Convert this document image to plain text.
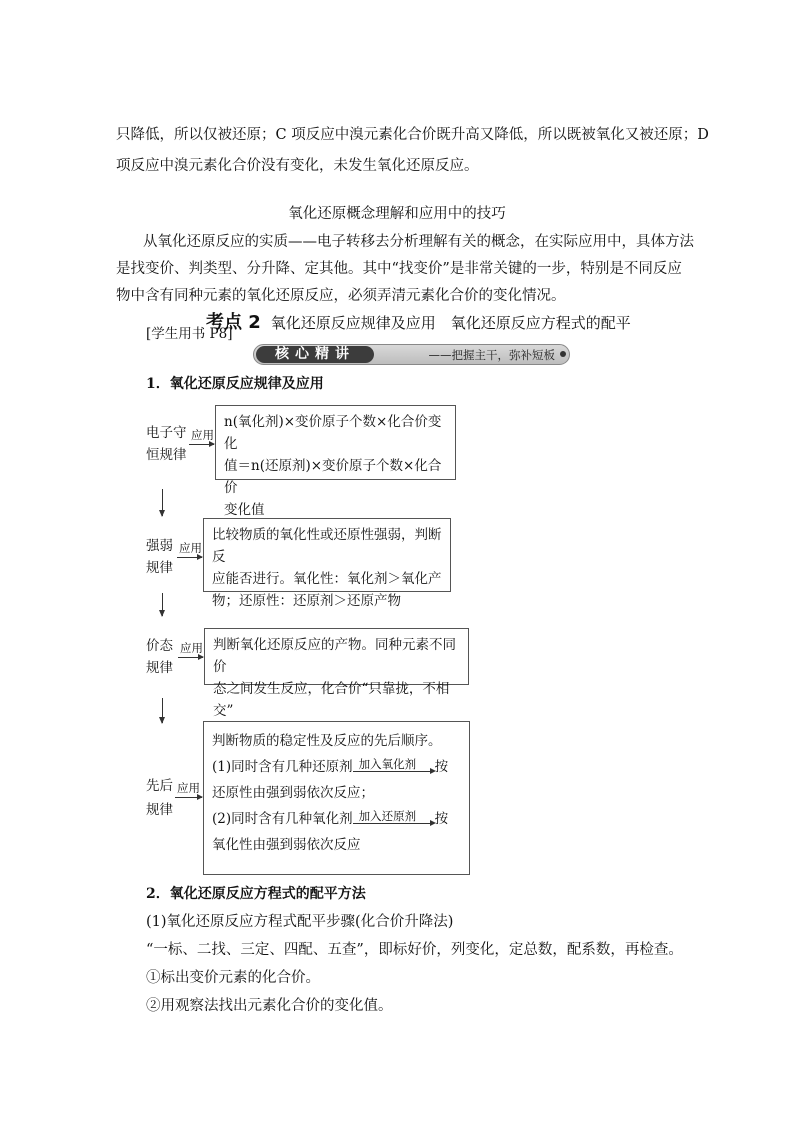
只降低，所以仅被还原；C 项反应中溴元素化合价既升高又降低，所以既被氧化又被还原；D
项反应中溴元素化合价没有变化，未发生氧化还原反应。
氧化还原概念理解和应用中的技巧
从氧化还原反应的实质——电子转移去分析理解有关的概念，在实际应用中，具体方法
是找变价、判类型、分升降、定其他。其中“找变价”是非常关键的一步，特别是不同反应
物中含有同种元素的氧化还原反应，必须弄清元素化合价的变化情况。
考点 2 氧化还原反应规律及应用　氧化还原反应方程式的配平
[学生用书 P8]
核心精讲	——把握主干，弥补短板
1．氧化还原反应规律及应用
电子守
恒规律
应用
n(氧化剂)×变价原子个数×化合价变化
值＝n(还原剂)×变价原子个数×化合价
变化值
强弱
规律
应用
比较物质的氧化性或还原性强弱，判断反
应能否进行。氧化性：氧化剂＞氧化产
物；还原性：还原剂＞还原产物
价态
规律
应用 判断氧化还原反应的产物。同种元素不同价
态之间发生反应，化合价“只靠拢，不相交”
先后
规律
应用
判断物质的稳定性及反应的先后顺序。
(1)同时含有几种还原剂 加入氧化剂 按
还原性由强到弱依次反应；
(2)同时含有几种氧化剂 加入还原剂 按
氧化性由强到弱依次反应
2．氧化还原反应方程式的配平方法
(1)氧化还原反应方程式配平步骤(化合价升降法)
“一标、二找、三定、四配、五查”，即标好价，列变化，定总数，配系数，再检查。
①标出变价元素的化合价。
②用观察法找出元素化合价的变化值。
